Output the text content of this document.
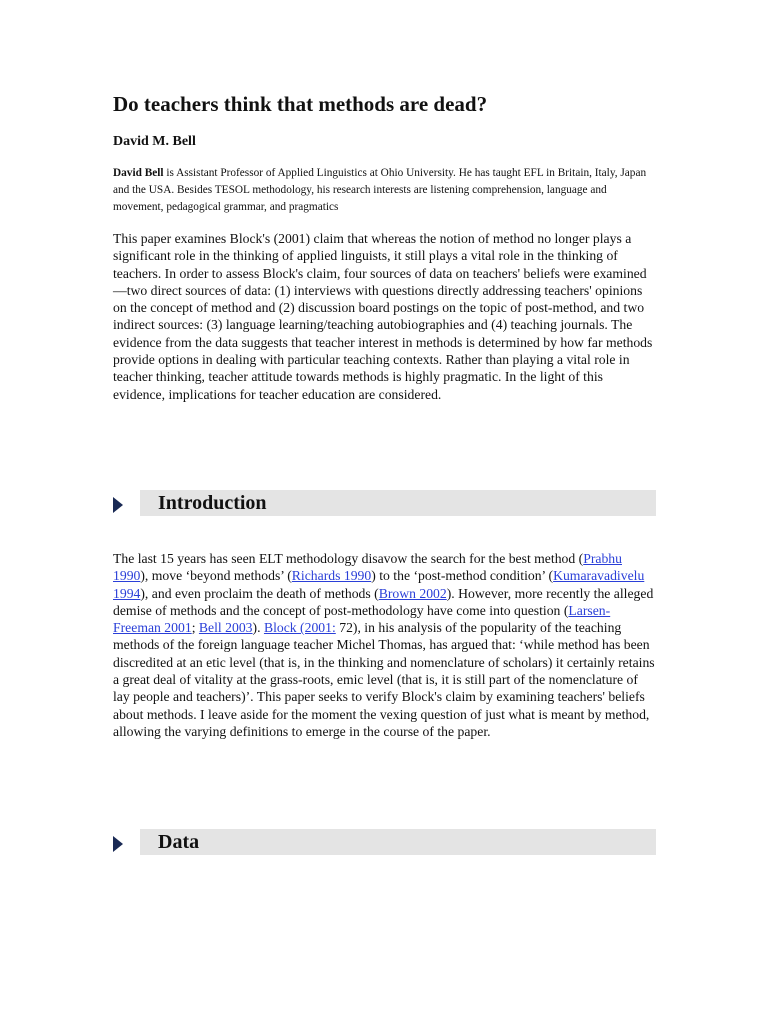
Do teachers think that methods are dead?

David M. Bell

David Bell is Assistant Professor of Applied Linguistics at Ohio University. He has taught EFL in Britain, Italy, Japan and the USA. Besides TESOL methodology, his research interests are listening comprehension, language and movement, pedagogical grammar, and pragmatics

This paper examines Block's (2001) claim that whereas the notion of method no longer plays a significant role in the thinking of applied linguists, it still plays a vital role in the thinking of teachers. In order to assess Block's claim, four sources of data on teachers' beliefs were examined—two direct sources of data: (1) interviews with questions directly addressing teachers' opinions on the concept of method and (2) discussion board postings on the topic of post-method, and two indirect sources: (3) language learning/teaching autobiographies and (4) teaching journals. The evidence from the data suggests that teacher interest in methods is determined by how far methods provide options in dealing with particular teaching contexts. Rather than playing a vital role in teacher thinking, teacher attitude towards methods is highly pragmatic. In the light of this evidence, implications for teacher education are considered.

Introduction

The last 15 years has seen ELT methodology disavow the search for the best method (Prabhu 1990), move ‘beyond methods’ (Richards 1990) to the ‘post-method condition’ (Kumaravadivelu 1994), and even proclaim the death of methods (Brown 2002). However, more recently the alleged demise of methods and the concept of post-methodology have come into question (Larsen-Freeman 2001; Bell 2003). Block (2001: 72), in his analysis of the popularity of the teaching methods of the foreign language teacher Michel Thomas, has argued that: ‘while method has been discredited at an etic level (that is, in the thinking and nomenclature of scholars) it certainly retains a great deal of vitality at the grass-roots, emic level (that is, it is still part of the nomenclature of lay people and teachers)’. This paper seeks to verify Block's claim by examining teachers' beliefs about methods. I leave aside for the moment the vexing question of just what is meant by method, allowing the varying definitions to emerge in the course of the paper.

Data
